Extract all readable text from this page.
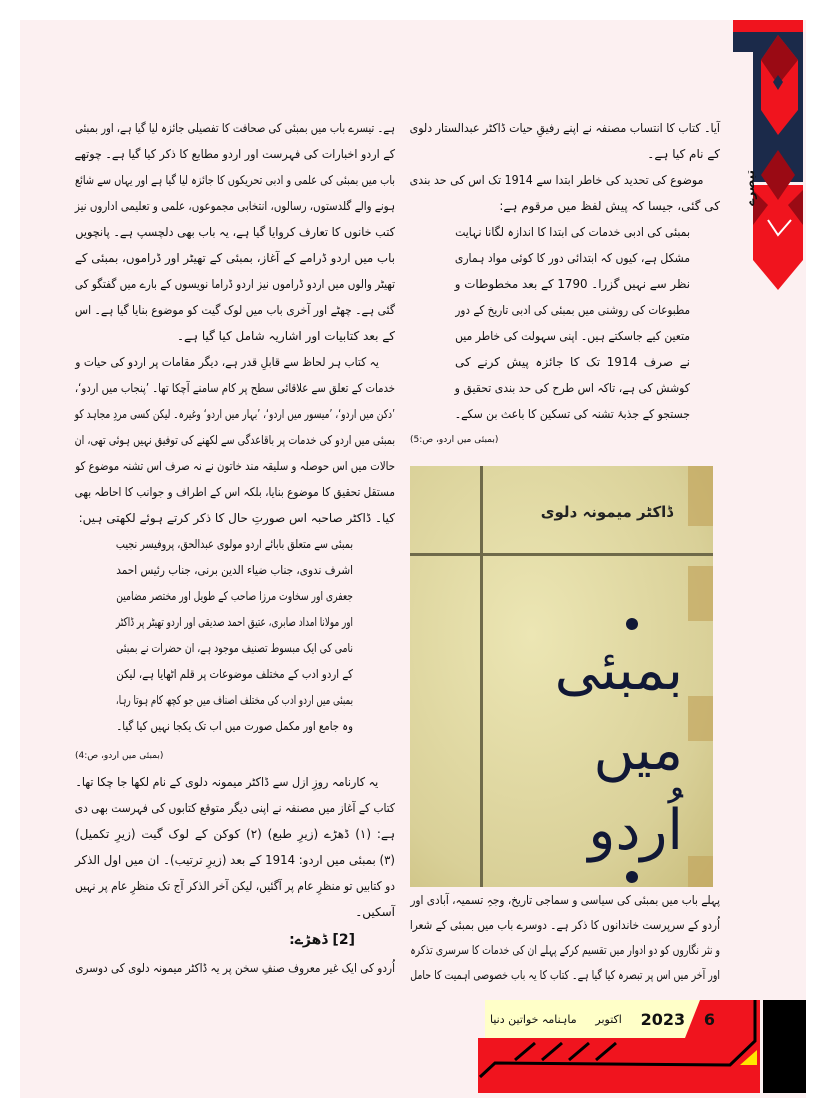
تبصرے
آیا۔ کتاب کا انتساب مصنفہ نے اپنے رفیقِ حیات ڈاکٹر عبدالستار دلوی
کے نام کیا ہے۔
موضوع کی تحدید کی خاطر ابتدا سے 1914 تک اس کی حد بندی
کی گئی، جیسا کہ پیش لفظ میں مرقوم ہے:
بمبئی کی ادبی خدمات کی ابتدا کا اندازہ لگانا نہایت
مشکل ہے، کیوں کہ ابتدائی دور کا کوئی مواد ہماری
نظر سے نہیں گزرا۔ 1790 کے بعد مخطوطات و
مطبوعات کی روشنی میں بمبئی کی ادبی تاریخ کے دور
متعین کیے جاسکتے ہیں۔ اپنی سہولت کی خاطر میں
نے صرف 1914 تک کا جائزہ پیش کرنے کی
کوشش کی ہے، تاکہ اس طرح کی حد بندی تحقیق و
جستجو کے جذبۂ تشنہ کی تسکین کا باعث بن سکے۔
(بمبئی میں اردو، ص:5)
ڈاکٹر میمونہ دلوی
بمبئی
میں
اُردو
پہلے باب میں بمبئی کی سیاسی و سماجی تاریخ، وجہِ تسمیہ، آبادی اور
اُردو کے سرپرست خاندانوں کا ذکر ہے۔ دوسرے باب میں بمبئی کے شعرا
و نثر نگاروں کو دو ادوار میں تقسیم کرکے پہلے ان کی خدمات کا سرسری تذکرہ
اور آخر میں اس پر تبصرہ کیا گیا ہے۔ کتاب کا یہ باب خصوصی اہمیت کا حامل
ہے۔ تیسرے باب میں بمبئی کی صحافت کا تفصیلی جائزہ لیا گیا ہے، اور بمبئی
کے اردو اخبارات کی فہرست اور اردو مطابع کا ذکر کیا گیا ہے۔ چوتھے
باب میں بمبئی کی علمی و ادبی تحریکوں کا جائزہ لیا گیا ہے اور یہاں سے شائع
ہونے والے گلدستوں، رسالوں، انتخابی مجموعوں، علمی و تعلیمی اداروں نیز
کتب خانوں کا تعارف کروایا گیا ہے، یہ باب بھی دلچسپ ہے۔ پانچویں
باب میں اردو ڈرامے کے آغاز، بمبئی کے تھیٹر اور ڈراموں، بمبئی کے
تھیٹر والوں میں اردو ڈراموں نیز اردو ڈراما نویسوں کے بارے میں گفتگو کی
گئی ہے۔ چھٹے اور آخری باب میں لوک گیت کو موضوع بنایا گیا ہے۔ اس
کے بعد کتابیات اور اشاریہ شامل کیا گیا ہے۔
یہ کتاب ہر لحاظ سے قابلِ قدر ہے، دیگر مقامات پر اردو کی حیات و
خدمات کے تعلق سے علاقائی سطح پر کام سامنے آچکا تھا۔ ’پنجاب میں اردو‘،
’دکن میں اردو‘، ’میسور میں اردو‘، ’بہار میں اردو‘ وغیرہ۔ لیکن کسی مردِ مجاہد کو
بمبئی میں اردو کی خدمات پر باقاعدگی سے لکھنے کی توفیق نہیں ہوئی تھی، ان
حالات میں اس حوصلہ و سلیقہ مند خاتون نے نہ صرف اس تشنہ موضوع کو
مستقل تحقیق کا موضوع بنایا، بلکہ اس کے اطراف و جوانب کا احاطہ بھی
کیا۔ ڈاکٹر صاحبہ اس صورتِ حال کا ذکر کرتے ہوئے لکھتی ہیں:
بمبئی سے متعلق بابائے اردو مولوی عبدالحق، پروفیسر نجیب
اشرف ندوی، جناب ضیاء الدین برنی، جناب رئیس احمد
جعفری اور سخاوت مرزا صاحب کے طویل اور مختصر مضامین
اور مولانا امداد صابری، عتیق احمد صدیقی اور اردو تھیٹر پر ڈاکٹر
نامی کی ایک مبسوط تصنیف موجود ہے، ان حضرات نے بمبئی
کے اردو ادب کے مختلف موضوعات پر قلم اٹھایا ہے، لیکن
بمبئی میں اردو ادب کی مختلف اصناف میں جو کچھ کام ہوتا رہا،
وہ جامع اور مکمل صورت میں اب تک یکجا نہیں کیا گیا۔
(بمبئی میں اردو، ص:4)
یہ کارنامہ روزِ ازل سے ڈاکٹر میمونہ دلوی کے نام لکھا جا چکا تھا۔
کتاب کے آغاز میں مصنفہ نے اپنی دیگر متوقع کتابوں کی فہرست بھی دی
ہے: (۱) ڈھڑے (زیرِ طبع) (۲) کوکن کے لوک گیت (زیرِ تکمیل)
(۳) بمبئی میں اردو: 1914 کے بعد (زیرِ ترتیب)۔ ان میں اول الذکر
دو کتابیں تو منظرِ عام پر آگئیں، لیکن آخر الذکر آج تک منظرِ عام پر نہیں
آسکیں۔
[2] ڈھڑے:
اُردو کی ایک غیر معروف صنفِ سخن پر یہ ڈاکٹر میمونہ دلوی کی دوسری
ماہنامہ خواتین دنیا اکتوبر 2023 6
